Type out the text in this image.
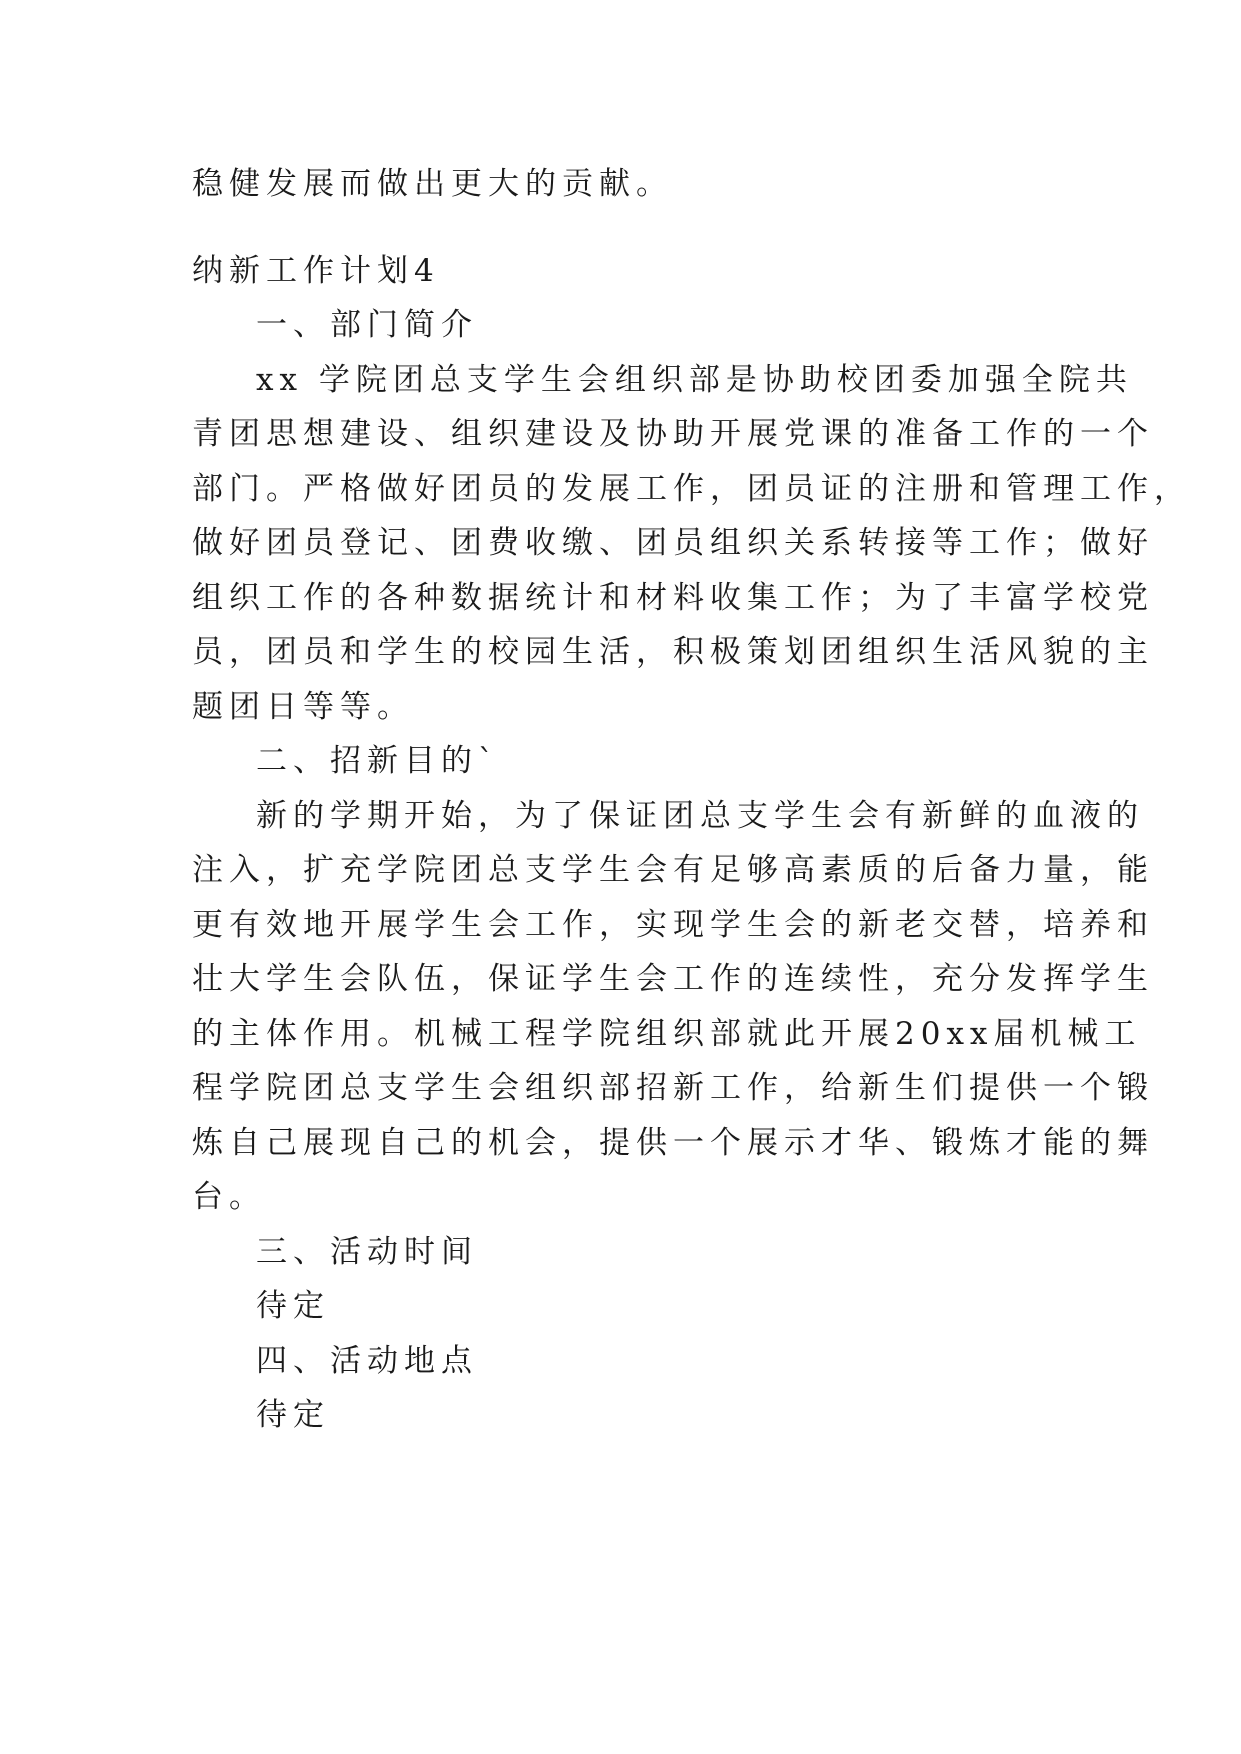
稳健发展而做出更大的贡献。
纳新工作计划4
一、部门简介
xx 学院团总支学生会组织部是协助校团委加强全院共
青团思想建设、组织建设及协助开展党课的准备工作的一个
部门。严格做好团员的发展工作，团员证的注册和管理工作，
做好团员登记、团费收缴、团员组织关系转接等工作；做好
组织工作的各种数据统计和材料收集工作；为了丰富学校党
员，团员和学生的校园生活，积极策划团组织生活风貌的主
题团日等等。
二、招新目的`
新的学期开始，为了保证团总支学生会有新鲜的血液的
注入，扩充学院团总支学生会有足够高素质的后备力量，能
更有效地开展学生会工作，实现学生会的新老交替，培养和
壮大学生会队伍，保证学生会工作的连续性，充分发挥学生
的主体作用。机械工程学院组织部就此开展20xx届机械工
程学院团总支学生会组织部招新工作，给新生们提供一个锻
炼自己展现自己的机会，提供一个展示才华、锻炼才能的舞
台。
三、活动时间
待定
四、活动地点
待定
